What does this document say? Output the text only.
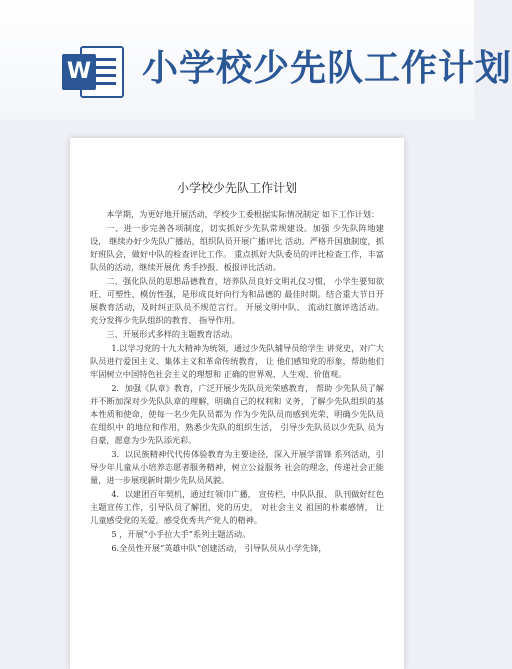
W 小学校少先队工作计划
小学校少先队工作计划

本学期，为更好地开展活动，学校少工委根据实际情况制定 如下工作计划：

一、进一步完善各项制度，切实抓好少先队常规建设。加强 少先队阵地建设， 继续办好少先队广播站，组织队员开展广播评比 活动。严格升国旗制度，抓好班队会，做好中队的检查评比工作。 重点抓好大队委员的评比检查工作，丰富队员的活动，继续开展优 秀手抄报、板报评比活动。

二、强化队员的思想品德教育，培养队员良好文明礼仪习惯， 小学生要知欲旺、可塑性、模仿性强，是形成良好向行为和品德的 最佳时期。结合重大节日开展教育活动，及时纠正队员不规范言行。 开展文明中队、 流动红旗评选活动。 充分发挥少先队组织的教育、 指导作用。

三、开展形式多样的主题教育活动。

1.以学习党的十九大精神为统领，通过少先队辅导员给学生 讲党史，对广大队员进行爱国主义、集体主义和革命传统教育， 让 他们感知党的形象，帮助他们牢固树立中国特色社会主义的理想和 正确的世界观、人生观、价值观。

2．加强《队章》教育，广泛开展少先队员光荣感教育， 帮助 少先队员了解并不断加深对少先队队章的理解，明确自己的权利和 义务，了解少先队组织的基本性质和使命，使每一名少先队员都为 作为少先队员而感到光荣，明确少先队员在组织中 的地位和作用，熟悉少先队的组织生活， 引导少先队员以少先队 员为自豪，愿意为少先队添光彩。

3．以民族精神代代传体验教育为主要途径，深入开展学雷锋 系列活动，引导少年儿童从小培养志愿者服务精神，树立公益服务 社会的理念，传递社会正能量，进一步展现新时期少先队员风貌。

4．以建团百年契机，通过红领巾广播， 宣传栏，中队队报、 队刊做好红色主题宣传工作，引导队员了解团、党的历史， 对社会主义 祖国的朴素感情， 让儿童感受党的关爱，感受优秀共产党人的精神。

5 ，开展“小手拉大手”系列主题活动。

6.全员性开展“英雄中队”创建活动， 引导队员从小学先锋，
